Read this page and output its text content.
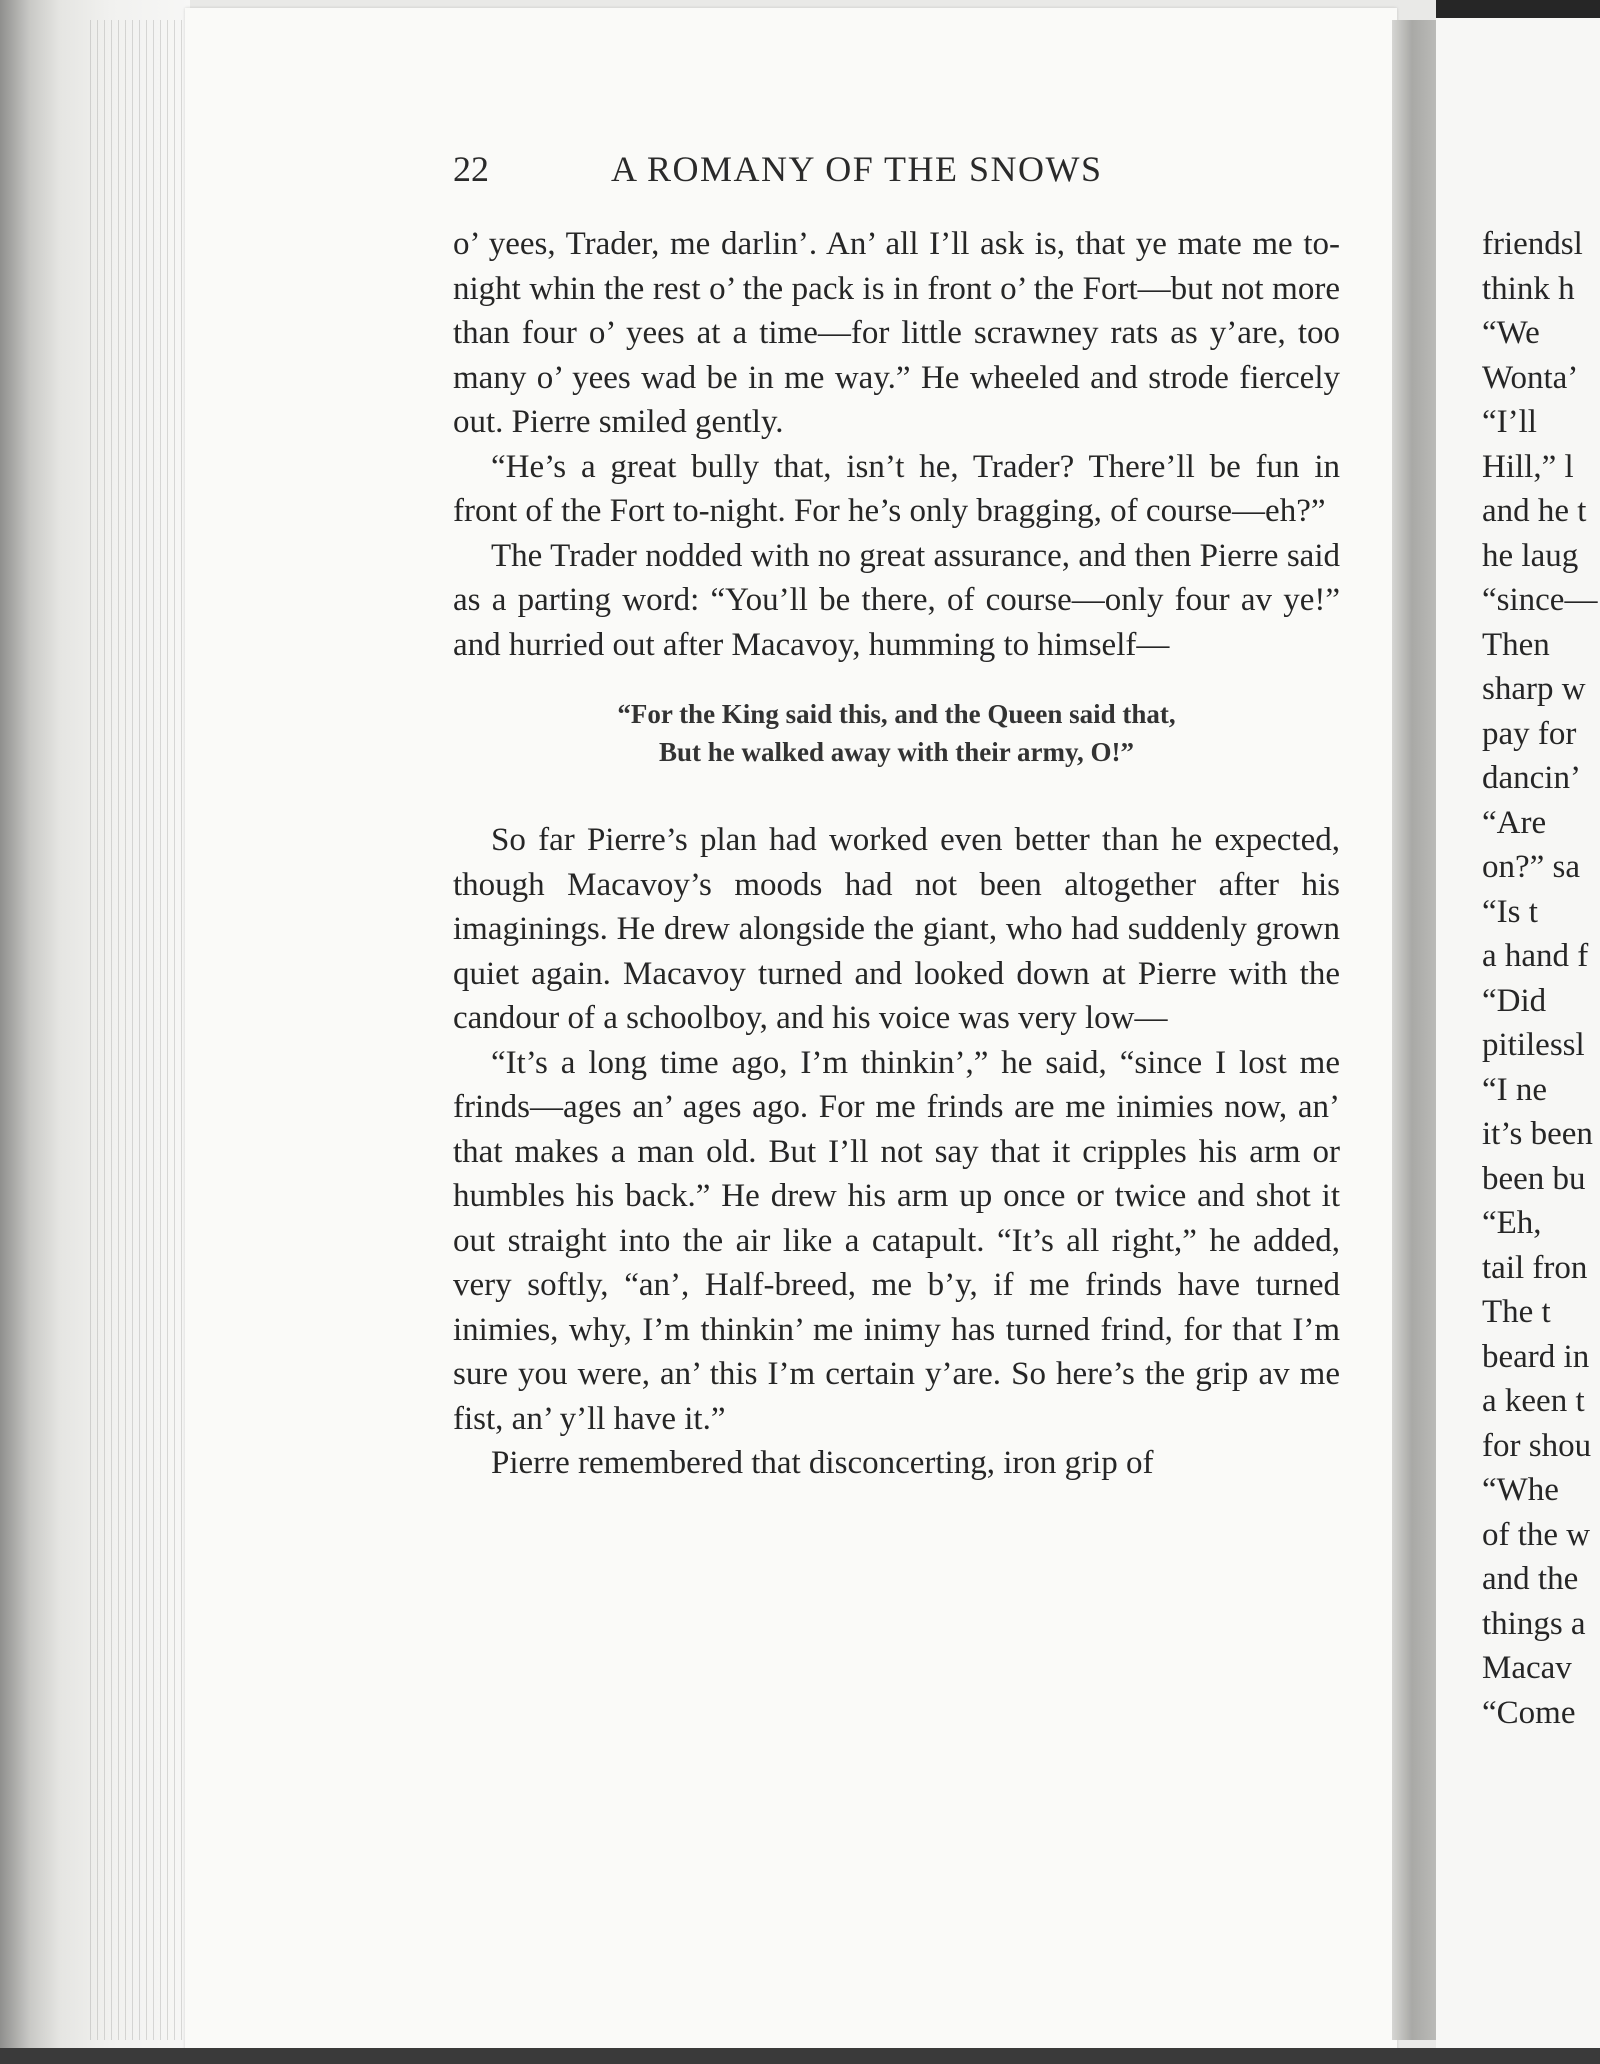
22	A ROMANY OF THE SNOWS

o’ yees, Trader, me darlin’. An’ all I’ll ask is, that ye mate me to-night whin the rest o’ the pack is in front o’ the Fort—but not more than four o’ yees at a time—for little scrawney rats as y’are, too many o’ yees wad be in me way.” He wheeled and strode fiercely out. Pierre smiled gently.

“He’s a great bully that, isn’t he, Trader? There’ll be fun in front of the Fort to-night. For he’s only bragging, of course—eh?”

The Trader nodded with no great assurance, and then Pierre said as a parting word: “You’ll be there, of course—only four av ye!” and hurried out after Macavoy, humming to himself—

“For the King said this, and the Queen said that,
But he walked away with their army, O!”

So far Pierre’s plan had worked even better than he expected, though Macavoy’s moods had not been altogether after his imaginings. He drew alongside the giant, who had suddenly grown quiet again. Macavoy turned and looked down at Pierre with the candour of a schoolboy, and his voice was very low—

“It’s a long time ago, I’m thinkin’,” he said, “since I lost me frinds—ages an’ ages ago. For me frinds are me inimies now, an’ that makes a man old. But I’ll not say that it cripples his arm or humbles his back.” He drew his arm up once or twice and shot it out straight into the air like a catapult. “It’s all right,” he added, very softly, “an’, Half-breed, me b’y, if me frinds have turned inimies, why, I’m thinkin’ me inimy has turned frind, for that I’m sure you were, an’ this I’m certain y’are. So here’s the grip av me fist, an’ y’ll have it.”

Pierre remembered that disconcerting, iron grip of

friendsl
think h
“We
Wonta’
“I’ll
Hill,” l
and he t
he laug
“since—
Then
sharp w
pay for
dancin’
“Are
on?” sa
“Is t
a hand f
“Did
pitilessl
“I ne
it’s been
been bu
“Eh,
tail fron
The t
beard in
a keen t
for shou
“Whe
of the w
and the
things a
Macav
“Come
